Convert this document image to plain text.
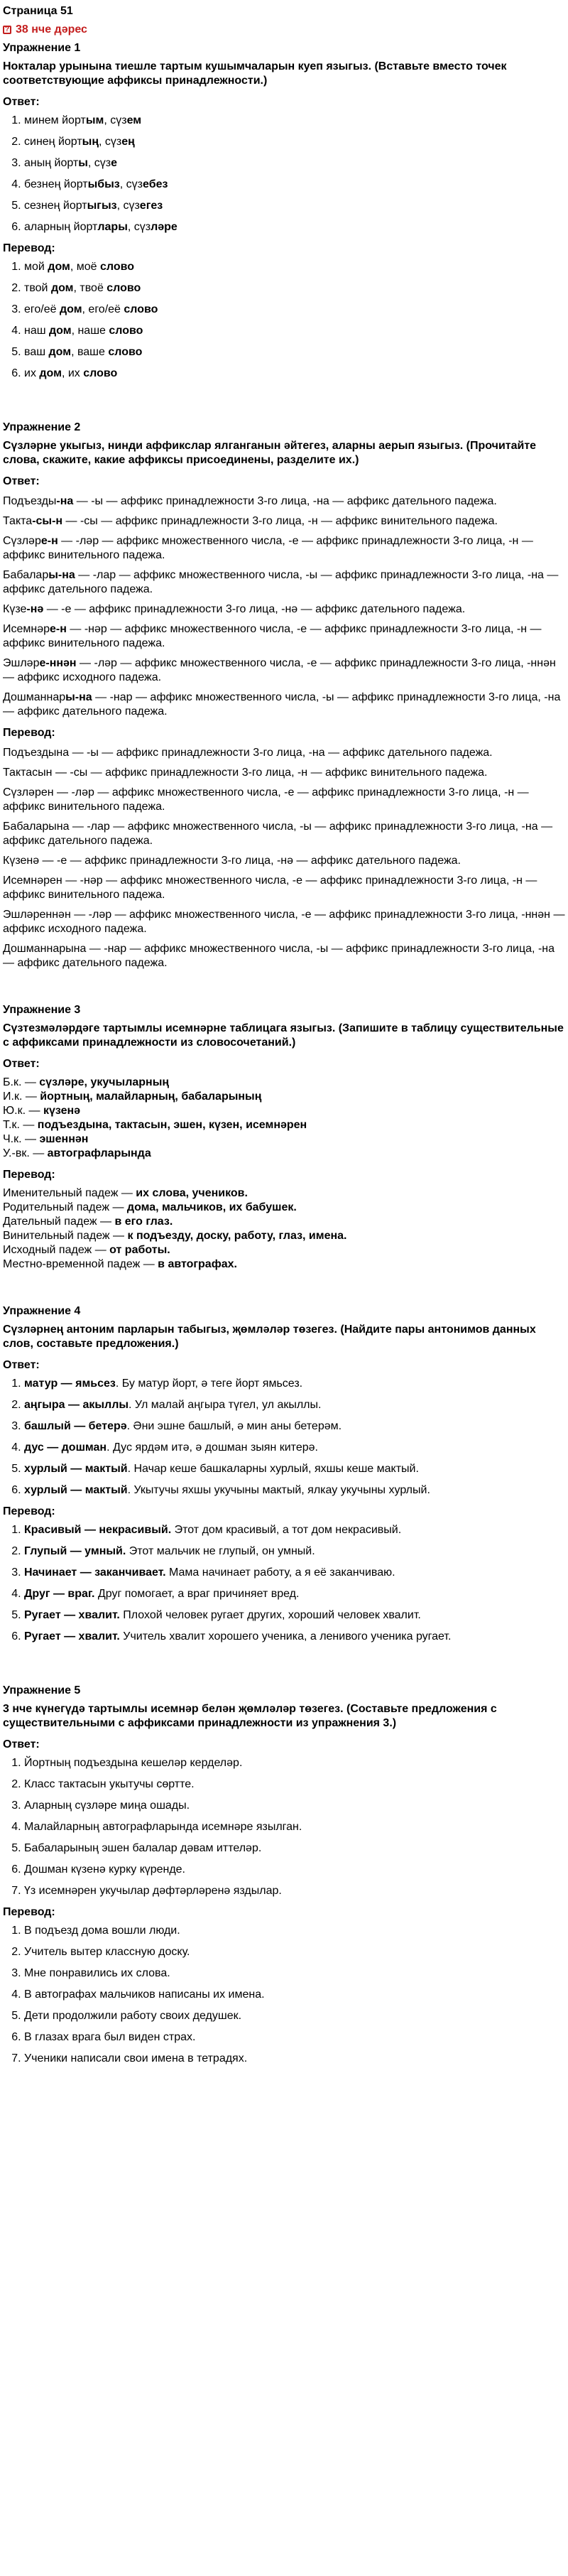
Страница 51
? 38 нче дәрес
Упражнение 1
Нокталар урынына тиешле тартым кушымчаларын куеп языгыз. (Вставьте вместо точек соответствующие аффиксы принадлежности.)
Ответ:
1. минем йортым, сүзем
2. синең йортың, сүзең
3. аның йорты, сүзе
4. безнең йортыбыз, сүзебез
5. сезнең йортыгыз, сүзегез
6. аларның йортлары, сүзләре
Перевод:
1. мой дом, моё слово
2. твой дом, твоё слово
3. его/её дом, его/её слово
4. наш дом, наше слово
5. ваш дом, ваше слово
6. их дом, их слово
Упражнение 2
Сүзләрне укыгыз, нинди аффикслар ялганганын әйтегез, аларны аерып языгыз. (Прочитайте слова, скажите, какие аффиксы присоединены, разделите их.)
Ответ:
Подъезды-на — -ы — аффикс принадлежности 3-го лица, -на — аффикс дательного падежа.
Такта-сы-н — -сы — аффикс принадлежности 3-го лица, -н — аффикс винительного падежа.
Сүзләре-н — -ләр — аффикс множественного числа, -е — аффикс принадлежности 3-го лица, -н — аффикс винительного падежа.
Бабалары-на — -лар — аффикс множественного числа, -ы — аффикс принадлежности 3-го лица, -на — аффикс дательного падежа.
Күзе-нә — -е — аффикс принадлежности 3-го лица, -нә — аффикс дательного падежа.
Исемнәре-н — -нәр — аффикс множественного числа, -е — аффикс принадлежности 3-го лица, -н — аффикс винительного падежа.
Эшләре-ннән — -ләр — аффикс множественного числа, -е — аффикс принадлежности 3-го лица, -ннән — аффикс исходного падежа.
Дошманнары-на — -нар — аффикс множественного числа, -ы — аффикс принадлежности 3-го лица, -на — аффикс дательного падежа.
Перевод:
Подъездына — -ы — аффикс принадлежности 3-го лица, -на — аффикс дательного падежа.
Тактасын — -сы — аффикс принадлежности 3-го лица, -н — аффикс винительного падежа.
Сүзләрен — -ләр — аффикс множественного числа, -е — аффикс принадлежности 3-го лица, -н — аффикс винительного падежа.
Бабаларына — -лар — аффикс множественного числа, -ы — аффикс принадлежности 3-го лица, -на — аффикс дательного падежа.
Күзенә — -е — аффикс принадлежности 3-го лица, -нә — аффикс дательного падежа.
Исемнәрен — -нәр — аффикс множественного числа, -е — аффикс принадлежности 3-го лица, -н — аффикс винительного падежа.
Эшләреннән — -ләр — аффикс множественного числа, -е — аффикс принадлежности 3-го лица, -ннән — аффикс исходного падежа.
Дошманнарына — -нар — аффикс множественного числа, -ы — аффикс принадлежности 3-го лица, -на — аффикс дательного падежа.
Упражнение 3
Сүзтезмәләрдәге тартымлы исемнәрне таблицага языгыз. (Запишите в таблицу существительные с аффиксами принадлежности из словосочетаний.)
Ответ:
Б.к. — сүзләре, укучыларның
И.к. — йортның, малайларның, бабаларының
Ю.к. — күзенә
Т.к. — подъездына, тактасын, эшен, күзен, исемнәрен
Ч.к. — эшеннән
У.-вк. — автографларында
Перевод:
Именительный падеж — их слова, учеников.
Родительный падеж — дома, мальчиков, их бабушек.
Дательный падеж — в его глаз.
Винительный падеж — к подъезду, доску, работу, глаз, имена.
Исходный падеж — от работы.
Местно-временной падеж — в автографах.
Упражнение 4
Сүзләрнең антоним парларын табыгыз, җөмләләр төзегез. (Найдите пары антонимов данных слов, составьте предложения.)
Ответ:
1. матур — ямьсез. Бу матур йорт, ә теге йорт ямьсез.
2. аңгыра — акыллы. Ул малай аңгыра түгел, ул акыллы.
3. башлый — бетерә. Әни эшне башлый, ә мин аны бетерәм.
4. дус — дошман. Дус ярдәм итә, ә дошман зыян китерә.
5. хурлый — мактый. Начар кеше башкаларны хурлый, яхшы кеше мактый.
6. хурлый — мактый. Укытучы яхшы укучыны мактый, ялкау укучыны хурлый.
Перевод:
1. Красивый — некрасивый. Этот дом красивый, а тот дом некрасивый.
2. Глупый — умный. Этот мальчик не глупый, он умный.
3. Начинает — заканчивает. Мама начинает работу, а я её заканчиваю.
4. Друг — враг. Друг помогает, а враг причиняет вред.
5. Ругает — хвалит. Плохой человек ругает других, хороший человек хвалит.
6. Ругает — хвалит. Учитель хвалит хорошего ученика, а ленивого ученика ругает.
Упражнение 5
3 нче күнегүдә тартымлы исемнәр белән җөмләләр төзегез. (Составьте предложения с существительными с аффиксами принадлежности из упражнения 3.)
Ответ:
1. Йортның подъездына кешеләр керделәр.
2. Класс тактасын укытучы сөртте.
3. Аларның сүзләре миңа ошады.
4. Малайларның автографларында исемнәре язылган.
5. Бабаларының эшен балалар дәвам иттеләр.
6. Дошман күзенә курку күренде.
7. Үз исемнәрен укучылар дәфтәрләренә яздылар.
Перевод:
1. В подъезд дома вошли люди.
2. Учитель вытер классную доску.
3. Мне понравились их слова.
4. В автографах мальчиков написаны их имена.
5. Дети продолжили работу своих дедушек.
6. В глазах врага был виден страх.
7. Ученики написали свои имена в тетрадях.
